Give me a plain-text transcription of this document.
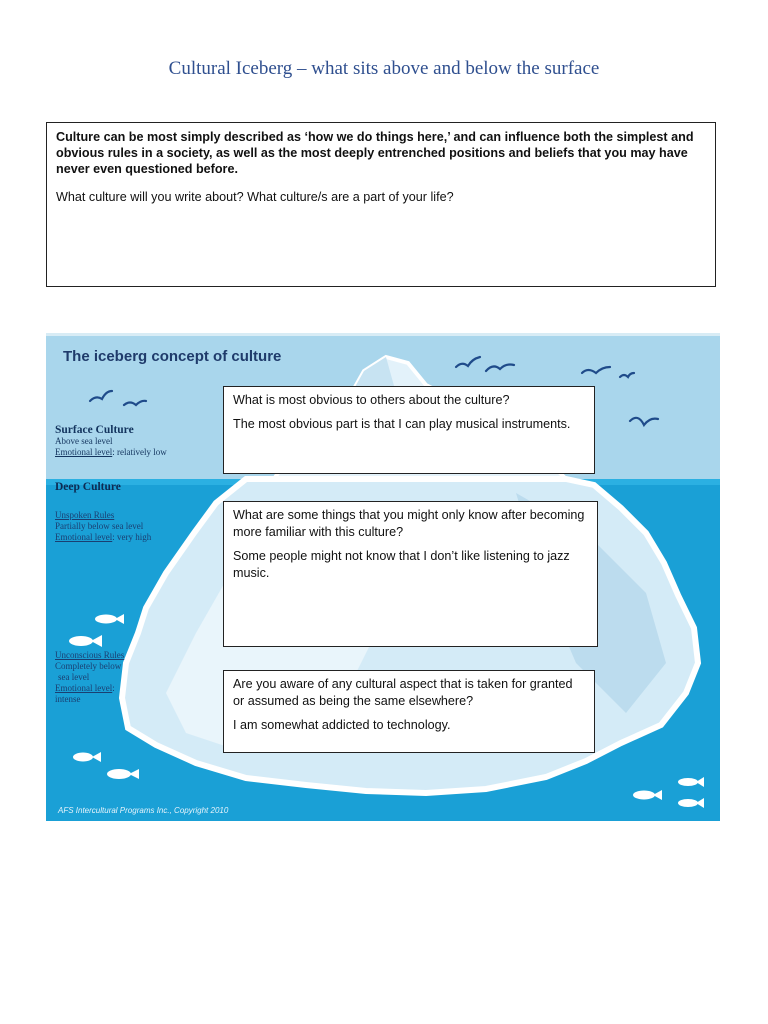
Cultural Iceberg – what sits above and below the surface

Culture can be most simply described as ‘how we do things here,’ and can influence both the simplest and obvious rules in a society, as well as the most deeply entrenched positions and beliefs that you may have never even questioned before.

What culture will you write about? What culture/s are a part of your life?

The iceberg concept of culture
Surface Culture
Above sea level
Emotional level: relatively low
Deep Culture
Unspoken Rules
Partially below sea level
Emotional level: very high
Unconscious Rules
Completely below
sea level
Emotional level:
intense
AFS Intercultural Programs Inc., Copyright 2010

What is most obvious to others about the culture?

The most obvious part is that I can play musical instruments.

What are some things that you might only know after becoming more familiar with this culture?

Some people might not know that I don’t like listening to jazz music.

Are you aware of any cultural aspect that is taken for granted or assumed as being the same elsewhere?

I am somewhat addicted to technology.
